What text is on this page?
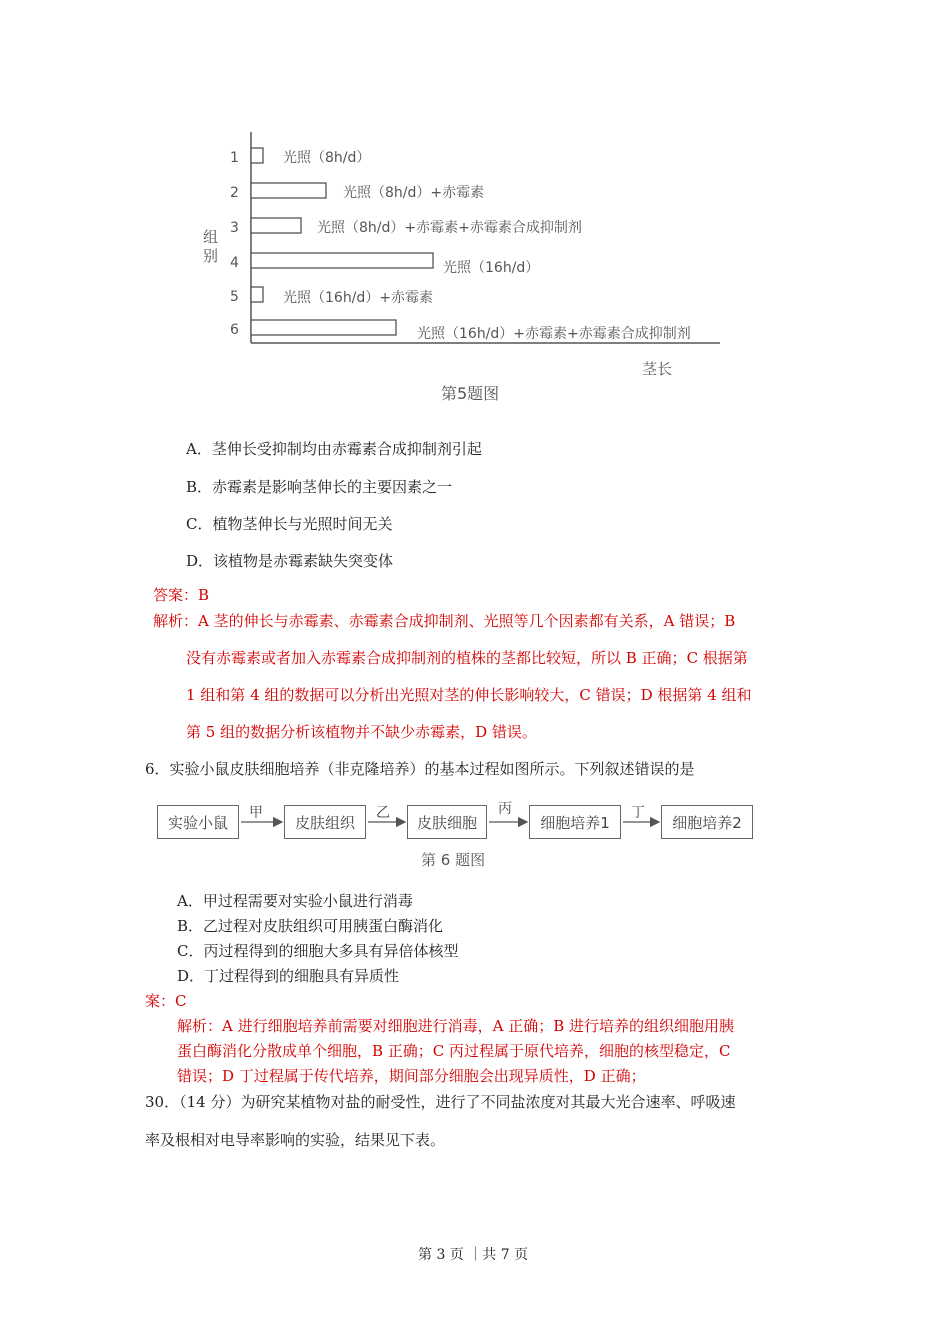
1
2
3
4
5
6
组别
光照（8h/d）
光照（8h/d）+赤霉素
光照（8h/d）+赤霉素+赤霉素合成抑制剂
光照（16h/d）
光照（16h/d）+赤霉素
光照（16h/d）+赤霉素+赤霉素合成抑制剂
茎长
第5题图
A．茎伸长受抑制均由赤霉素合成抑制剂引起
B．赤霉素是影响茎伸长的主要因素之一
C．植物茎伸长与光照时间无关
D．该植物是赤霉素缺失突变体
答案：B
解析：A 茎的伸长与赤霉素、赤霉素合成抑制剂、光照等几个因素都有关系，A 错误；B
没有赤霉素或者加入赤霉素合成抑制剂的植株的茎都比较短，所以 B 正确；C 根据第
1 组和第 4 组的数据可以分析出光照对茎的伸长影响较大，C 错误；D 根据第 4 组和
第 5 组的数据分析该植物并不缺少赤霉素，D 错误。
6．实验小鼠皮肤细胞培养（非克隆培养）的基本过程如图所示。下列叙述错误的是
实验小鼠	皮肤组织	皮肤细胞	细胞培养1	细胞培养2
甲	乙	丙	丁
第 6 题图
A．甲过程需要对实验小鼠进行消毒
B．乙过程对皮肤组织可用胰蛋白酶消化
C．丙过程得到的细胞大多具有异倍体核型
D．丁过程得到的细胞具有异质性
案：C
解析：A 进行细胞培养前需要对细胞进行消毒，A 正确；B 进行培养的组织细胞用胰
蛋白酶消化分散成单个细胞，B 正确；C 丙过程属于原代培养，细胞的核型稳定，C
错误；D 丁过程属于传代培养，期间部分细胞会出现异质性，D 正确；
30．（14 分）为研究某植物对盐的耐受性，进行了不同盐浓度对其最大光合速率、呼吸速
率及根相对电导率影响的实验，结果见下表。
第 3 页 ｜共 7 页
